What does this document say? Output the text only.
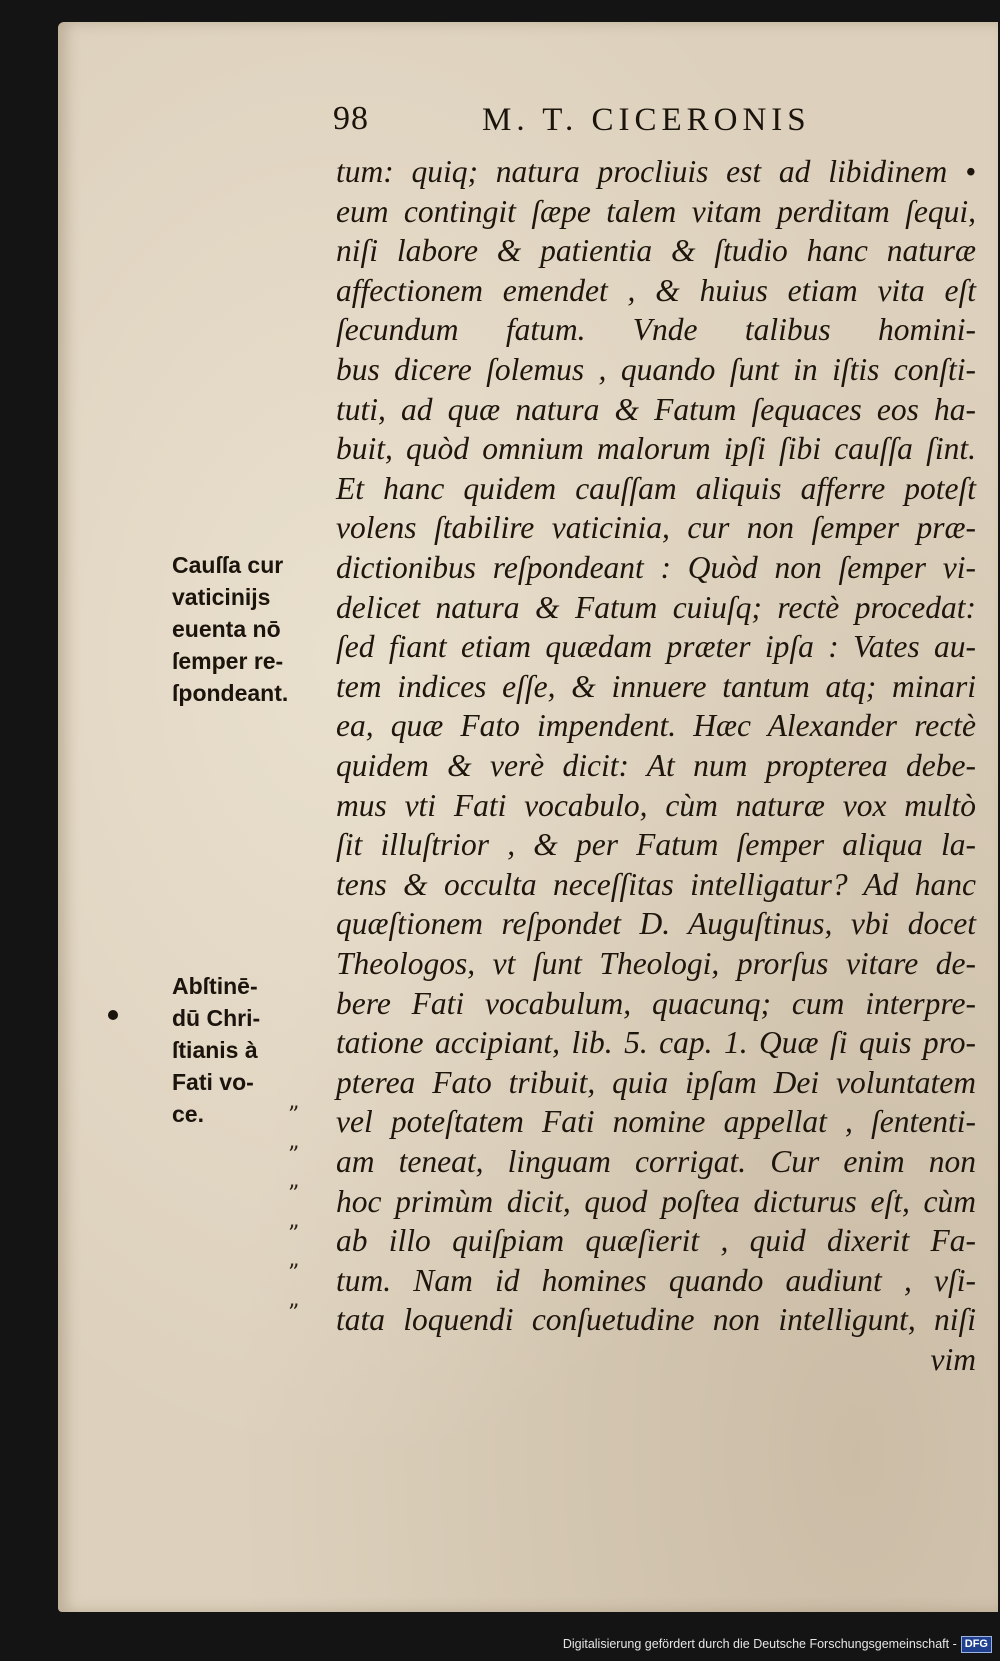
98	M. T. CICERONIS
tum: quiq; natura procliuis est ad libidinem •
eum contingit ſæpe talem vitam perditam ſequi,
niſi labore & patientia & ſtudio hanc naturæ
affectionem emendet , & huius etiam vita eſt
ſecundum fatum. Vnde talibus homini-
bus dicere ſolemus , quando ſunt in iſtis conſti-
tuti, ad quæ natura & Fatum ſequaces eos ha-
buit, quòd omnium malorum ipſi ſibi cauſſa ſint.
Et hanc quidem cauſſam aliquis afferre poteſt
volens ſtabilire vaticinia, cur non ſemper præ-
dictionibus reſpondeant : Quòd non ſemper vi-
delicet natura & Fatum cuiuſq; rectè procedat:
ſed fiant etiam quædam præter ipſa : Vates au-
tem indices eſſe, & innuere tantum atq; minari
ea, quæ Fato impendent. Hæc Alexander rectè
quidem & verè dicit: At num propterea debe-
mus vti Fati vocabulo, cùm naturæ vox multò
ſit illuſtrior , & per Fatum ſemper aliqua la-
tens & occulta neceſſitas intelligatur? Ad hanc
quæſtionem reſpondet D. Auguſtinus, vbi docet
Theologos, vt ſunt Theologi, prorſus vitare de-
bere Fati vocabulum, quacunq; cum interpre-
tatione accipiant, lib. 5. cap. 1. Quæ ſi quis pro-
pterea Fato tribuit, quia ipſam Dei voluntatem
vel poteſtatem Fati nomine appellat , ſententi-
am teneat, linguam corrigat. Cur enim non
hoc primùm dicit, quod poſtea dicturus eſt, cùm
ab illo quiſpiam quæſierit , quid dixerit Fa-
tum. Nam id homines quando audiunt , vſi-
tata loquendi conſuetudine non intelligunt, niſi
vim
Cauſſa cur
vaticinijs
euenta nō
ſemper re-
ſpondeant.
Abſtinē-
dū Chri-
ſtianis à
Fati vo-
ce.	”
”
”
”
”
”
Digitalisierung gefördert durch die Deutsche Forschungsgemeinschaft - DFG
